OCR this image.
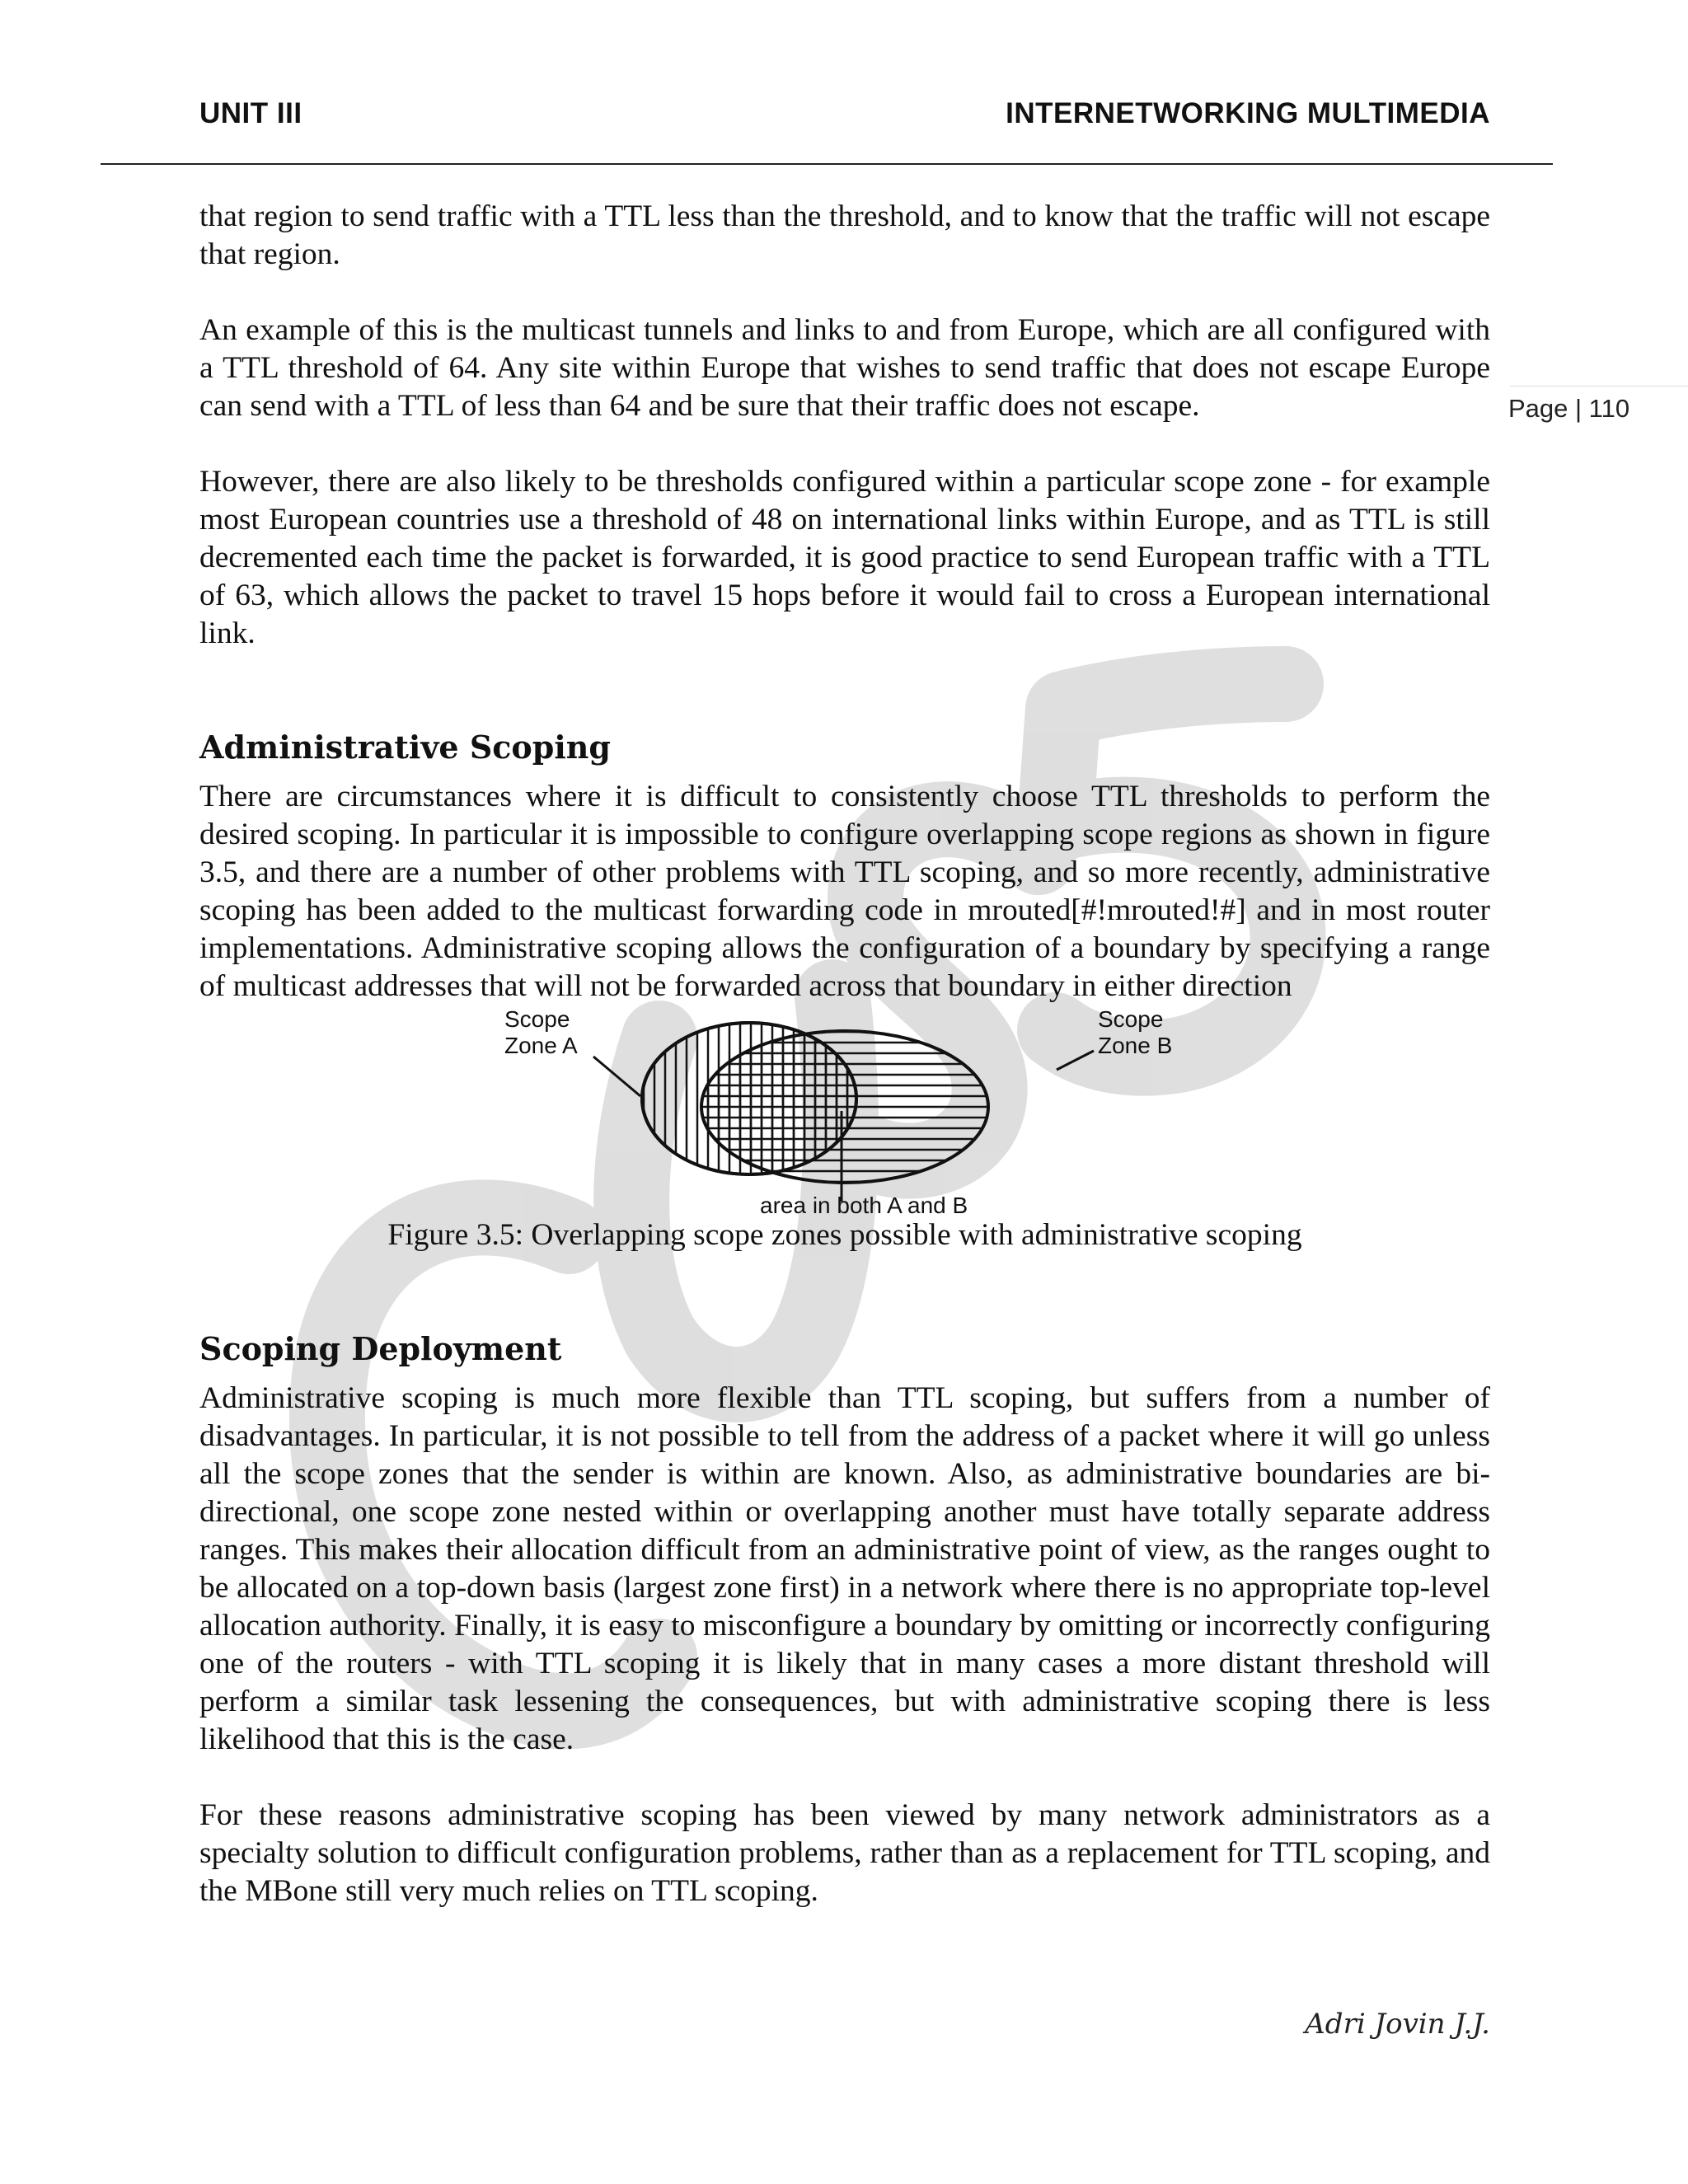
UNIT III	INTERNETWORKING MULTIMEDIA
Page | 110

that region to send traffic with a TTL less than the threshold, and to know that the traffic will not escape that region.

An example of this is the multicast tunnels and links to and from Europe, which are all configured with a TTL threshold of 64. Any site within Europe that wishes to send traffic that does not escape Europe can send with a TTL of less than 64 and be sure that their traffic does not escape.

However, there are also likely to be thresholds configured within a particular scope zone - for example most European countries use a threshold of 48 on international links within Europe, and as TTL is still decremented each time the packet is forwarded, it is good practice to send European traffic with a TTL of 63, which allows the packet to travel 15 hops before it would fail to cross a European international link.

Administrative Scoping

There are circumstances where it is difficult to consistently choose TTL thresholds to perform the desired scoping. In particular it is impossible to configure overlapping scope regions as shown in figure 3.5, and there are a number of other problems with TTL scoping, and so more recently, administrative scoping has been added to the multicast forwarding code in mrouted[#!mrouted!#] and in most router implementations. Administrative scoping allows the configuration of a boundary by specifying a range of multicast addresses that will not be forwarded across that boundary in either direction

Scope
Zone A
Scope
Zone B
area in both A and B

Figure 3.5: Overlapping scope zones possible with administrative scoping

Scoping Deployment

Administrative scoping is much more flexible than TTL scoping, but suffers from a number of disadvantages. In particular, it is not possible to tell from the address of a packet where it will go unless all the scope zones that the sender is within are known. Also, as administrative boundaries are bi-directional, one scope zone nested within or overlapping another must have totally separate address ranges. This makes their allocation difficult from an administrative point of view, as the ranges ought to be allocated on a top-down basis (largest zone first) in a network where there is no appropriate top-level allocation authority. Finally, it is easy to misconfigure a boundary by omitting or incorrectly configuring one of the routers - with TTL scoping it is likely that in many cases a more distant threshold will perform a similar task lessening the consequences, but with administrative scoping there is less likelihood that this is the case.

For these reasons administrative scoping has been viewed by many network administrators as a specialty solution to difficult configuration problems, rather than as a replacement for TTL scoping, and the MBone still very much relies on TTL scoping.

Adri Jovin J.J.
